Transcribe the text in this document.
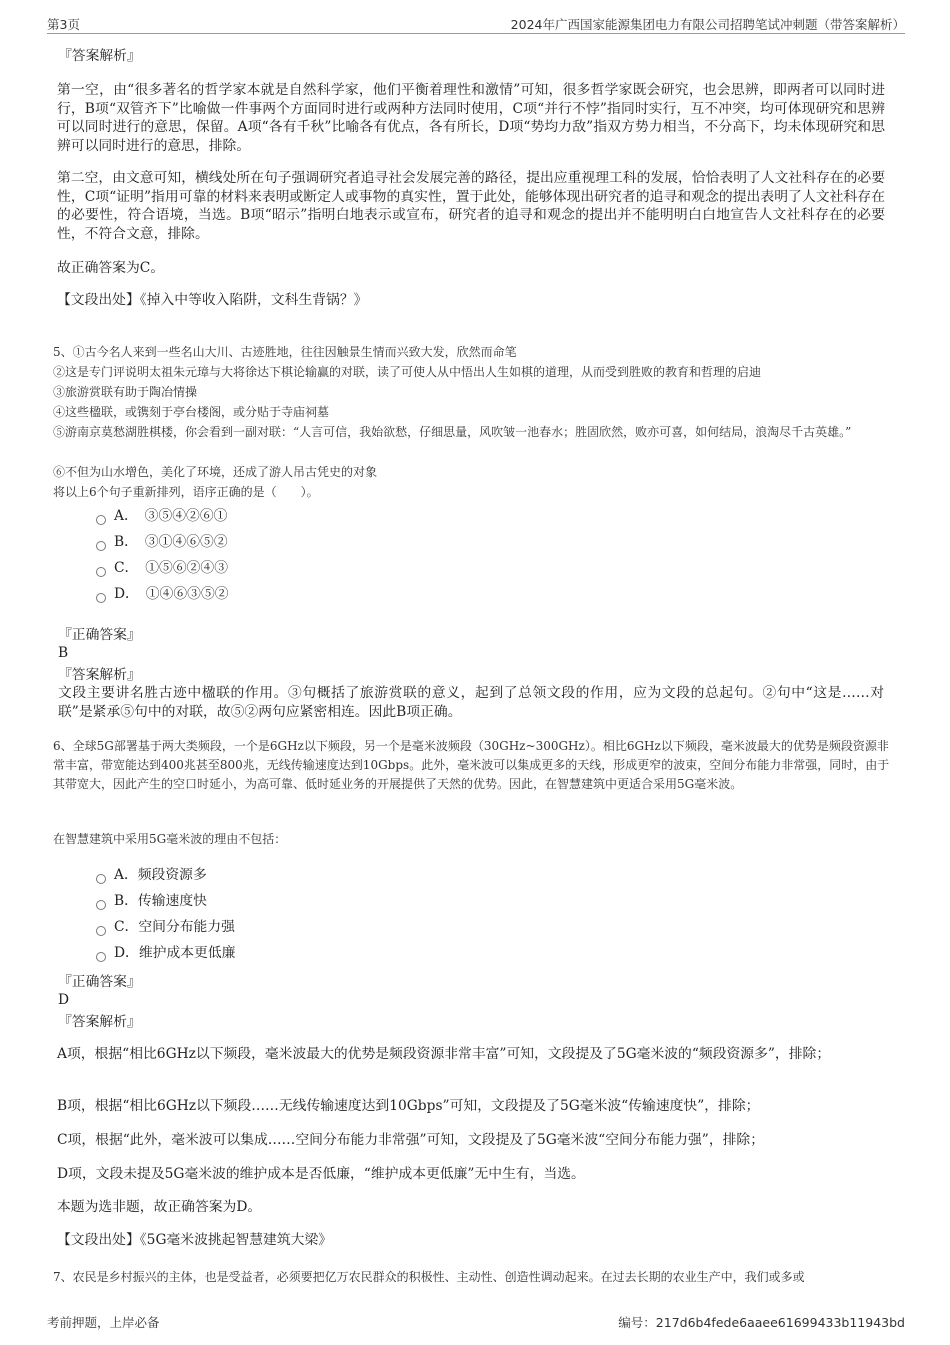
第3页	2024年广西国家能源集团电力有限公司招聘笔试冲刺题（带答案解析）

『答案解析』

第一空，由“很多著名的哲学家本就是自然科学家，他们平衡着理性和激情”可知，很多哲学家既会研究，也会思辨，即两者可以同时进行，B项“双管齐下”比喻做一件事两个方面同时进行或两种方法同时使用，C项“并行不悖”指同时实行，互不冲突，均可体现研究和思辨可以同时进行的意思，保留。A项“各有千秋”比喻各有优点，各有所长，D项“势均力敌”指双方势力相当，不分高下，均未体现研究和思辨可以同时进行的意思，排除。

第二空，由文意可知，横线处所在句子强调研究者追寻社会发展完善的路径，提出应重视理工科的发展，恰恰表明了人文社科存在的必要性，C项“证明”指用可靠的材料来表明或断定人或事物的真实性，置于此处，能够体现出研究者的追寻和观念的提出表明了人文社科存在的必要性，符合语境，当选。B项“昭示”指明白地表示或宣布，研究者的追寻和观念的提出并不能明明白白地宣告人文社科存在的必要性，不符合文意，排除。

故正确答案为C。

【文段出处】《掉入中等收入陷阱，文科生背锅？》

5、①古今名人来到一些名山大川、古迹胜地，往往因触景生情而兴致大发，欣然而命笔

②这是专门评说明太祖朱元璋与大将徐达下棋论输赢的对联，读了可使人从中悟出人生如棋的道理，从而受到胜败的教育和哲理的启迪

③旅游赏联有助于陶冶情操

④这些楹联，或镌刻于亭台楼阁，或分贴于寺庙祠墓

⑤游南京莫愁湖胜棋楼，你会看到一副对联：“人言可信，我始欲愁，仔细思量，风吹皱一池春水；胜固欣然，败亦可喜，如何结局，浪淘尽千古英雄。”

⑥不但为山水增色，美化了环境，还成了游人吊古凭史的对象

将以上6个句子重新排列，语序正确的是（　　）。

A．　③⑤④②⑥①
B．　③①④⑥⑤②
C．　①⑤⑥②④③
D．　①④⑥③⑤②

『正确答案』

B

『答案解析』

文段主要讲名胜古迹中楹联的作用。③句概括了旅游赏联的意义，起到了总领文段的作用，应为文段的总起句。②句中“这是……对联”是紧承⑤句中的对联，故⑤②两句应紧密相连。因此B项正确。

6、全球5G部署基于两大类频段，一个是6GHz以下频段，另一个是毫米波频段（30GHz~300GHz）。相比6GHz以下频段，毫米波最大的优势是频段资源非常丰富，带宽能达到400兆甚至800兆，无线传输速度达到10Gbps。此外，毫米波可以集成更多的天线，形成更窄的波束，空间分布能力非常强，同时，由于其带宽大，因此产生的空口时延小，为高可靠、低时延业务的开展提供了天然的优势。因此，在智慧建筑中更适合采用5G毫米波。

在智慧建筑中采用5G毫米波的理由不包括：

A．频段资源多
B．传输速度快
C．空间分布能力强
D．维护成本更低廉

『正确答案』

D

『答案解析』

A项，根据“相比6GHz以下频段，毫米波最大的优势是频段资源非常丰富”可知，文段提及了5G毫米波的“频段资源多”，排除；

B项，根据“相比6GHz以下频段……无线传输速度达到10Gbps”可知，文段提及了5G毫米波“传输速度快”，排除；

C项，根据“此外，毫米波可以集成……空间分布能力非常强”可知，文段提及了5G毫米波“空间分布能力强”，排除；

D项，文段未提及5G毫米波的维护成本是否低廉，“维护成本更低廉”无中生有，当选。

本题为选非题，故正确答案为D。

【文段出处】《5G毫米波挑起智慧建筑大梁》

7、农民是乡村振兴的主体，也是受益者，必须要把亿万农民群众的积极性、主动性、创造性调动起来。在过去长期的农业生产中，我们或多或

考前押题，上岸必备	编号：217d6b4fede6aaee61699433b11943bd
